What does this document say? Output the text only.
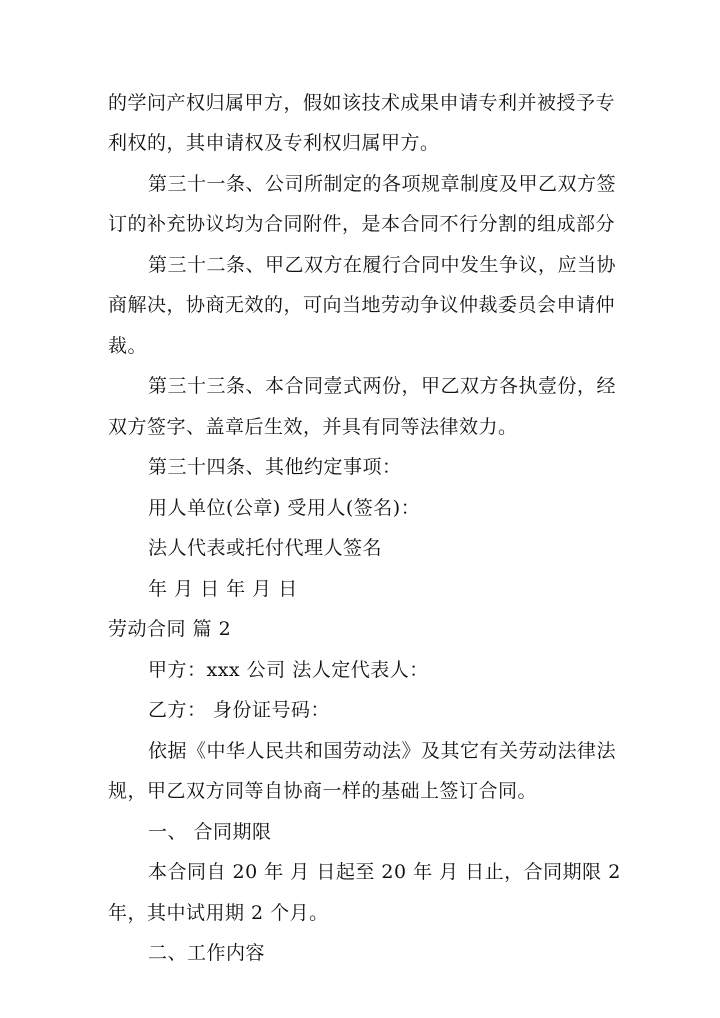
的学问产权归属甲方，假如该技术成果申请专利并被授予专
利权的，其申请权及专利权归属甲方。
第三十一条、公司所制定的各项规章制度及甲乙双方签
订的补充协议均为合同附件，是本合同不行分割的组成部分
第三十二条、甲乙双方在履行合同中发生争议，应当协
商解决，协商无效的，可向当地劳动争议仲裁委员会申请仲
裁。
第三十三条、本合同壹式两份，甲乙双方各执壹份，经
双方签字、盖章后生效，并具有同等法律效力。
第三十四条、其他约定事项：
用人单位(公章) 受用人(签名)：
法人代表或托付代理人签名
年 月 日 年 月 日
劳动合同 篇 2
甲方：xxx 公司 法人定代表人：
乙方： 身份证号码：
依据《中华人民共和国劳动法》及其它有关劳动法律法
规，甲乙双方同等自协商一样的基础上签订合同。
一、 合同期限
本合同自 20 年 月 日起至 20 年 月 日止，合同期限 2
年，其中试用期 2 个月。
二、工作内容
